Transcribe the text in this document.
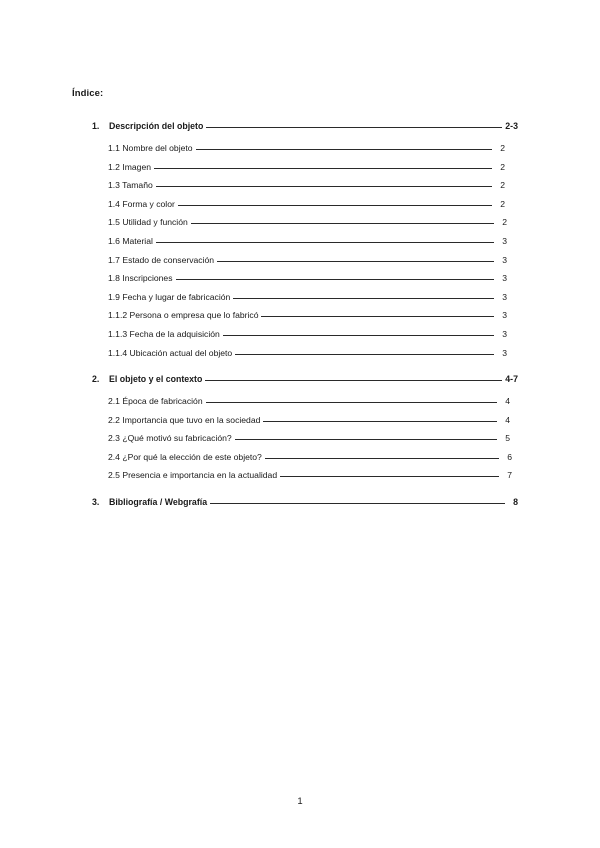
Índice:
1.	Descripción del objeto	2-3
1.1 Nombre del objeto	2
1.2 Imagen	2
1.3 Tamaño	2
1.4 Forma y color	2
1.5 Utilidad y función	2
1.6 Material	3
1.7 Estado de conservación	3
1.8 Inscripciones	3
1.9 Fecha y lugar de fabricación	3
1.1.2 Persona o empresa que lo fabricó	3
1.1.3 Fecha de la adquisición	3
1.1.4 Ubicación actual del objeto	3
2.	El objeto y el contexto	4-7
2.1 Época de fabricación	4
2.2 Importancia que tuvo en la sociedad	4
2.3 ¿Qué motivó su fabricación?	5
2.4 ¿Por qué la elección de este objeto?	6
2.5 Presencia e importancia en la actualidad	7
3.	Bibliografía / Webgrafía	8
1
